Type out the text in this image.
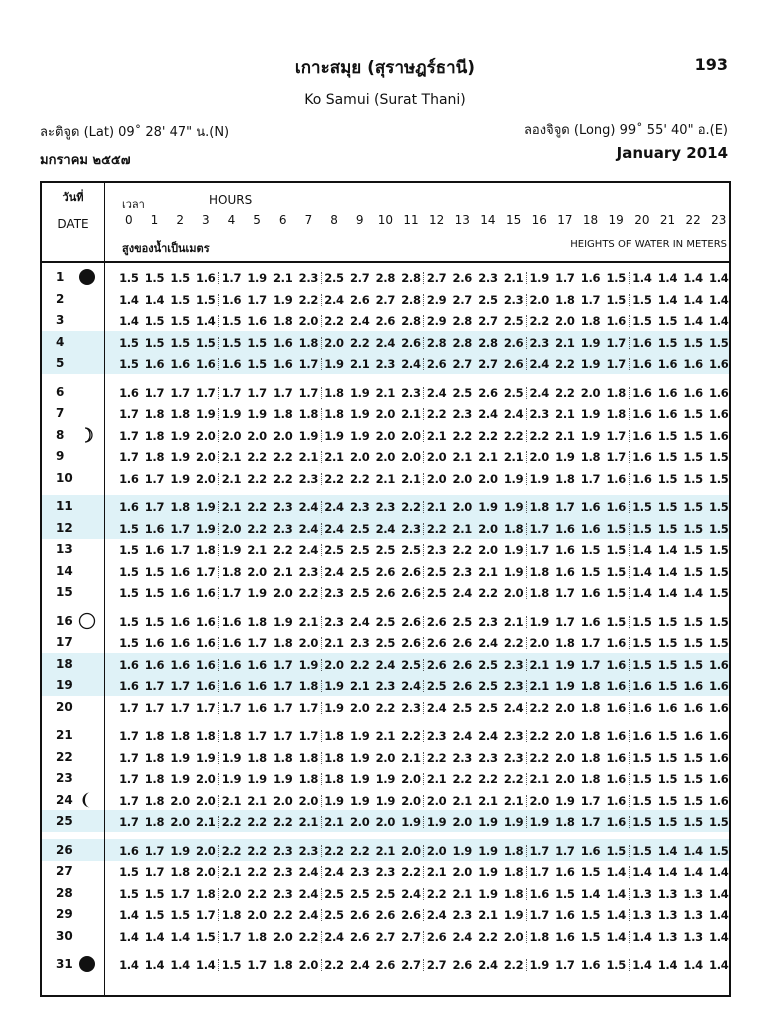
เกาะสมุย (สุราษฎร์ธานี)	193
Ko Samui (Surat Thani)
ละติจูด (Lat) 09˚ 28' 47" น.(N)	ลองจิจูด (Long) 99˚ 55' 40" อ.(E)
มกราคม ๒๕๕๗	January 2014
วันที่
DATE
เวลา	HOURS
สูงของน้ำเป็นเมตร	HEIGHTS OF WATER IN METERS
0	1	2	3	4	5	6	7	8	9	10 11 12 13 14 15 16 17 18 19 20 21 22 23
1	1.5 1.5 1.5 1.6 1.7 1.9 2.1 2.3 2.5 2.7 2.8 2.8 2.7 2.6 2.3 2.1 1.9 1.7 1.6 1.5 1.4 1.4 1.4 1.4
2	1.4 1.4 1.5 1.5 1.6 1.7 1.9 2.2 2.4 2.6 2.7 2.8 2.9 2.7 2.5 2.3 2.0 1.8 1.7 1.5 1.5 1.4 1.4 1.4
3	1.4 1.5 1.5 1.4 1.5 1.6 1.8 2.0 2.2 2.4 2.6 2.8 2.9 2.8 2.7 2.5 2.2 2.0 1.8 1.6 1.5 1.5 1.4 1.4
4	1.5 1.5 1.5 1.5 1.5 1.5 1.6 1.8 2.0 2.2 2.4 2.6 2.8 2.8 2.8 2.6 2.3 2.1 1.9 1.7 1.6 1.5 1.5 1.5
5	1.5 1.6 1.6 1.6 1.6 1.5 1.6 1.7 1.9 2.1 2.3 2.4 2.6 2.7 2.7 2.6 2.4 2.2 1.9 1.7 1.6 1.6 1.6 1.6
6	1.6 1.7 1.7 1.7 1.7 1.7 1.7 1.7 1.8 1.9 2.1 2.3 2.4 2.5 2.6 2.5 2.4 2.2 2.0 1.8 1.6 1.6 1.6 1.6
7	1.7 1.8 1.8 1.9 1.9 1.9 1.8 1.8 1.8 1.9 2.0 2.1 2.2 2.3 2.4 2.4 2.3 2.1 1.9 1.8 1.6 1.6 1.5 1.6
8	1.7 1.8 1.9 2.0 2.0 2.0 2.0 1.9 1.9 1.9 2.0 2.0 2.1 2.2 2.2 2.2 2.2 2.1 1.9 1.7 1.6 1.5 1.5 1.6
9	1.7 1.8 1.9 2.0 2.1 2.2 2.2 2.1 2.1 2.0 2.0 2.0 2.0 2.1 2.1 2.1 2.0 1.9 1.8 1.7 1.6 1.5 1.5 1.5
10	1.6 1.7 1.9 2.0 2.1 2.2 2.2 2.3 2.2 2.2 2.1 2.1 2.0 2.0 2.0 1.9 1.9 1.8 1.7 1.6 1.6 1.5 1.5 1.5
11	1.6 1.7 1.8 1.9 2.1 2.2 2.3 2.4 2.4 2.3 2.3 2.2 2.1 2.0 1.9 1.9 1.8 1.7 1.6 1.6 1.5 1.5 1.5 1.5
12	1.5 1.6 1.7 1.9 2.0 2.2 2.3 2.4 2.4 2.5 2.4 2.3 2.2 2.1 2.0 1.8 1.7 1.6 1.6 1.5 1.5 1.5 1.5 1.5
13	1.5 1.6 1.7 1.8 1.9 2.1 2.2 2.4 2.5 2.5 2.5 2.5 2.3 2.2 2.0 1.9 1.7 1.6 1.5 1.5 1.4 1.4 1.5 1.5
14	1.5 1.5 1.6 1.7 1.8 2.0 2.1 2.3 2.4 2.5 2.6 2.6 2.5 2.3 2.1 1.9 1.8 1.6 1.5 1.5 1.4 1.4 1.5 1.5
15	1.5 1.5 1.6 1.6 1.7 1.9 2.0 2.2 2.3 2.5 2.6 2.6 2.5 2.4 2.2 2.0 1.8 1.7 1.6 1.5 1.4 1.4 1.4 1.5
16	1.5 1.5 1.6 1.6 1.6 1.8 1.9 2.1 2.3 2.4 2.5 2.6 2.6 2.5 2.3 2.1 1.9 1.7 1.6 1.5 1.5 1.5 1.5 1.5
17	1.5 1.6 1.6 1.6 1.6 1.7 1.8 2.0 2.1 2.3 2.5 2.6 2.6 2.6 2.4 2.2 2.0 1.8 1.7 1.6 1.5 1.5 1.5 1.5
18	1.6 1.6 1.6 1.6 1.6 1.6 1.7 1.9 2.0 2.2 2.4 2.5 2.6 2.6 2.5 2.3 2.1 1.9 1.7 1.6 1.5 1.5 1.5 1.6
19	1.6 1.7 1.7 1.6 1.6 1.6 1.7 1.8 1.9 2.1 2.3 2.4 2.5 2.6 2.5 2.3 2.1 1.9 1.8 1.6 1.6 1.5 1.6 1.6
20	1.7 1.7 1.7 1.7 1.7 1.6 1.7 1.7 1.9 2.0 2.2 2.3 2.4 2.5 2.5 2.4 2.2 2.0 1.8 1.6 1.6 1.6 1.6 1.6
21	1.7 1.8 1.8 1.8 1.8 1.7 1.7 1.7 1.8 1.9 2.1 2.2 2.3 2.4 2.4 2.3 2.2 2.0 1.8 1.6 1.6 1.5 1.6 1.6
22	1.7 1.8 1.9 1.9 1.9 1.8 1.8 1.8 1.8 1.9 2.0 2.1 2.2 2.3 2.3 2.3 2.2 2.0 1.8 1.6 1.5 1.5 1.5 1.6
23	1.7 1.8 1.9 2.0 1.9 1.9 1.9 1.8 1.8 1.9 1.9 2.0 2.1 2.2 2.2 2.2 2.1 2.0 1.8 1.6 1.5 1.5 1.5 1.6
24	1.7 1.8 2.0 2.0 2.1 2.1 2.0 2.0 1.9 1.9 1.9 2.0 2.0 2.1 2.1 2.1 2.0 1.9 1.7 1.6 1.5 1.5 1.5 1.6
25	1.7 1.8 2.0 2.1 2.2 2.2 2.2 2.1 2.1 2.0 2.0 1.9 1.9 2.0 1.9 1.9 1.9 1.8 1.7 1.6 1.5 1.5 1.5 1.5
26	1.6 1.7 1.9 2.0 2.2 2.2 2.3 2.3 2.2 2.2 2.1 2.0 2.0 1.9 1.9 1.8 1.7 1.7 1.6 1.5 1.5 1.4 1.4 1.5
27	1.5 1.7 1.8 2.0 2.1 2.2 2.3 2.4 2.4 2.3 2.3 2.2 2.1 2.0 1.9 1.8 1.7 1.6 1.5 1.4 1.4 1.4 1.4 1.4
28	1.5 1.5 1.7 1.8 2.0 2.2 2.3 2.4 2.5 2.5 2.5 2.4 2.2 2.1 1.9 1.8 1.6 1.5 1.4 1.4 1.3 1.3 1.3 1.4
29	1.4 1.5 1.5 1.7 1.8 2.0 2.2 2.4 2.5 2.6 2.6 2.6 2.4 2.3 2.1 1.9 1.7 1.6 1.5 1.4 1.3 1.3 1.3 1.4
30	1.4 1.4 1.4 1.5 1.7 1.8 2.0 2.2 2.4 2.6 2.7 2.7 2.6 2.4 2.2 2.0 1.8 1.6 1.5 1.4 1.4 1.3 1.3 1.4
31	1.4 1.4 1.4 1.4 1.5 1.7 1.8 2.0 2.2 2.4 2.6 2.7 2.7 2.6 2.4 2.2 1.9 1.7 1.6 1.5 1.4 1.4 1.4 1.4
